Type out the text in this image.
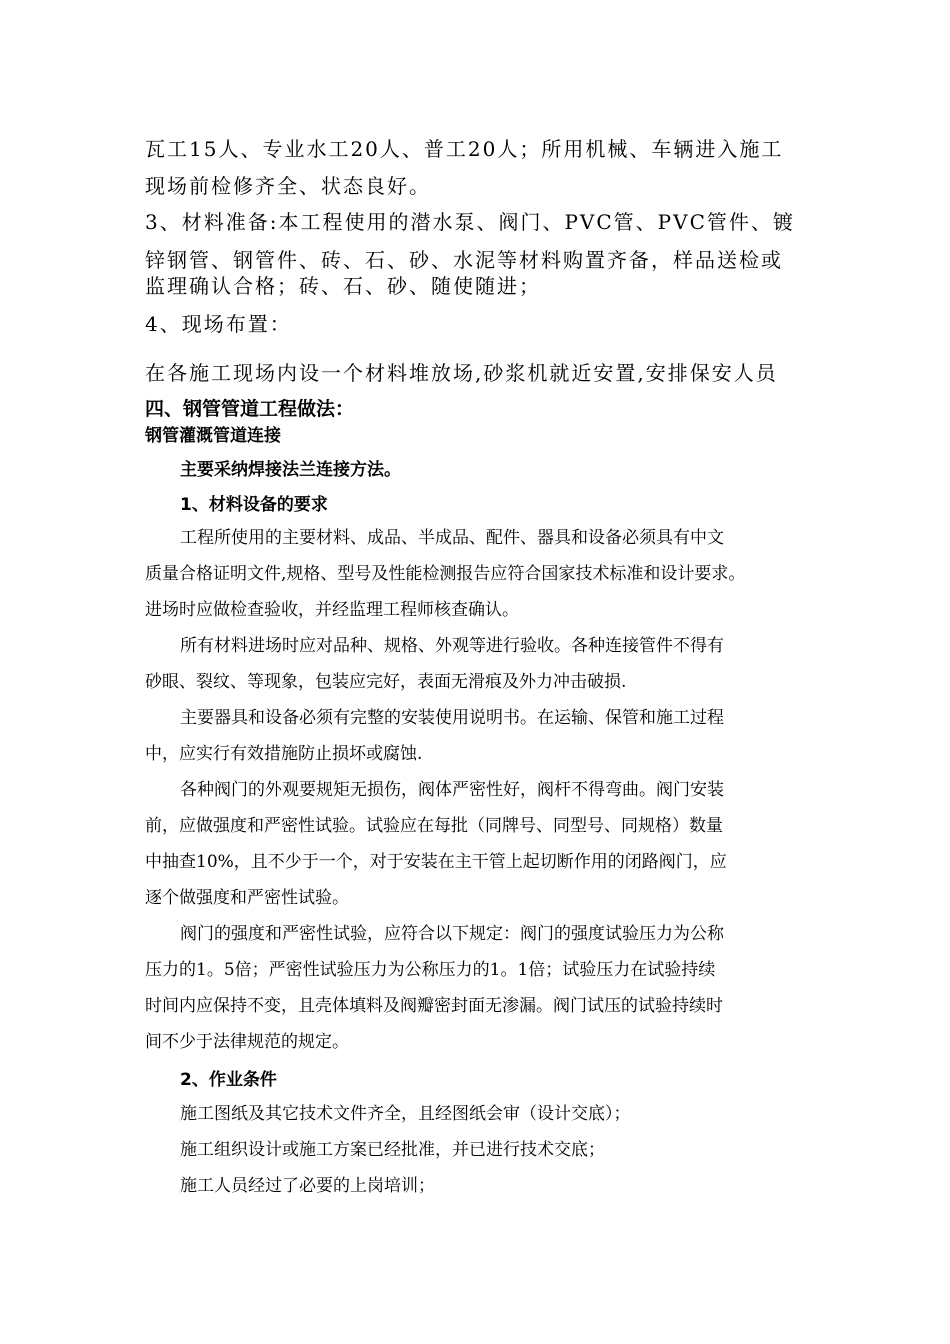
瓦工15人、专业水工20人、普工20人；所用机械、车辆进入施工

现场前检修齐全、状态良好。

3、材料准备:本工程使用的潜水泵、阀门、PVC管、PVC管件、镀

锌钢管、钢管件、砖、石、砂、水泥等材料购置齐备，样品送检或

监理确认合格；砖、石、砂、随使随进；

4、现场布置：

在各施工现场内设一个材料堆放场,砂浆机就近安置,安排保安人员

四、钢管管道工程做法：

钢管灌溉管道连接

主要采纳焊接法兰连接方法。

1、材料设备的要求

工程所使用的主要材料、成品、半成品、配件、器具和设备必须具有中文

质量合格证明文件,规格、型号及性能检测报告应符合国家技术标准和设计要求。

进场时应做检查验收，并经监理工程师核查确认。

所有材料进场时应对品种、规格、外观等进行验收。各种连接管件不得有

砂眼、裂纹、等现象，包装应完好，表面无滑痕及外力冲击破损.

主要器具和设备必须有完整的安装使用说明书。在运输、保管和施工过程

中，应实行有效措施防止损坏或腐蚀.

各种阀门的外观要规矩无损伤，阀体严密性好，阀杆不得弯曲。阀门安装

前，应做强度和严密性试验。试验应在每批（同牌号、同型号、同规格）数量

中抽查10%，且不少于一个，对于安装在主干管上起切断作用的闭路阀门，应

逐个做强度和严密性试验。

阀门的强度和严密性试验，应符合以下规定：阀门的强度试验压力为公称

压力的1。5倍；严密性试验压力为公称压力的1。1倍；试验压力在试验持续

时间内应保持不变，且壳体填料及阀瓣密封面无渗漏。阀门试压的试验持续时

间不少于法律规范的规定。

2、作业条件

施工图纸及其它技术文件齐全，且经图纸会审（设计交底）；

施工组织设计或施工方案已经批准，并已进行技术交底；

施工人员经过了必要的上岗培训；
